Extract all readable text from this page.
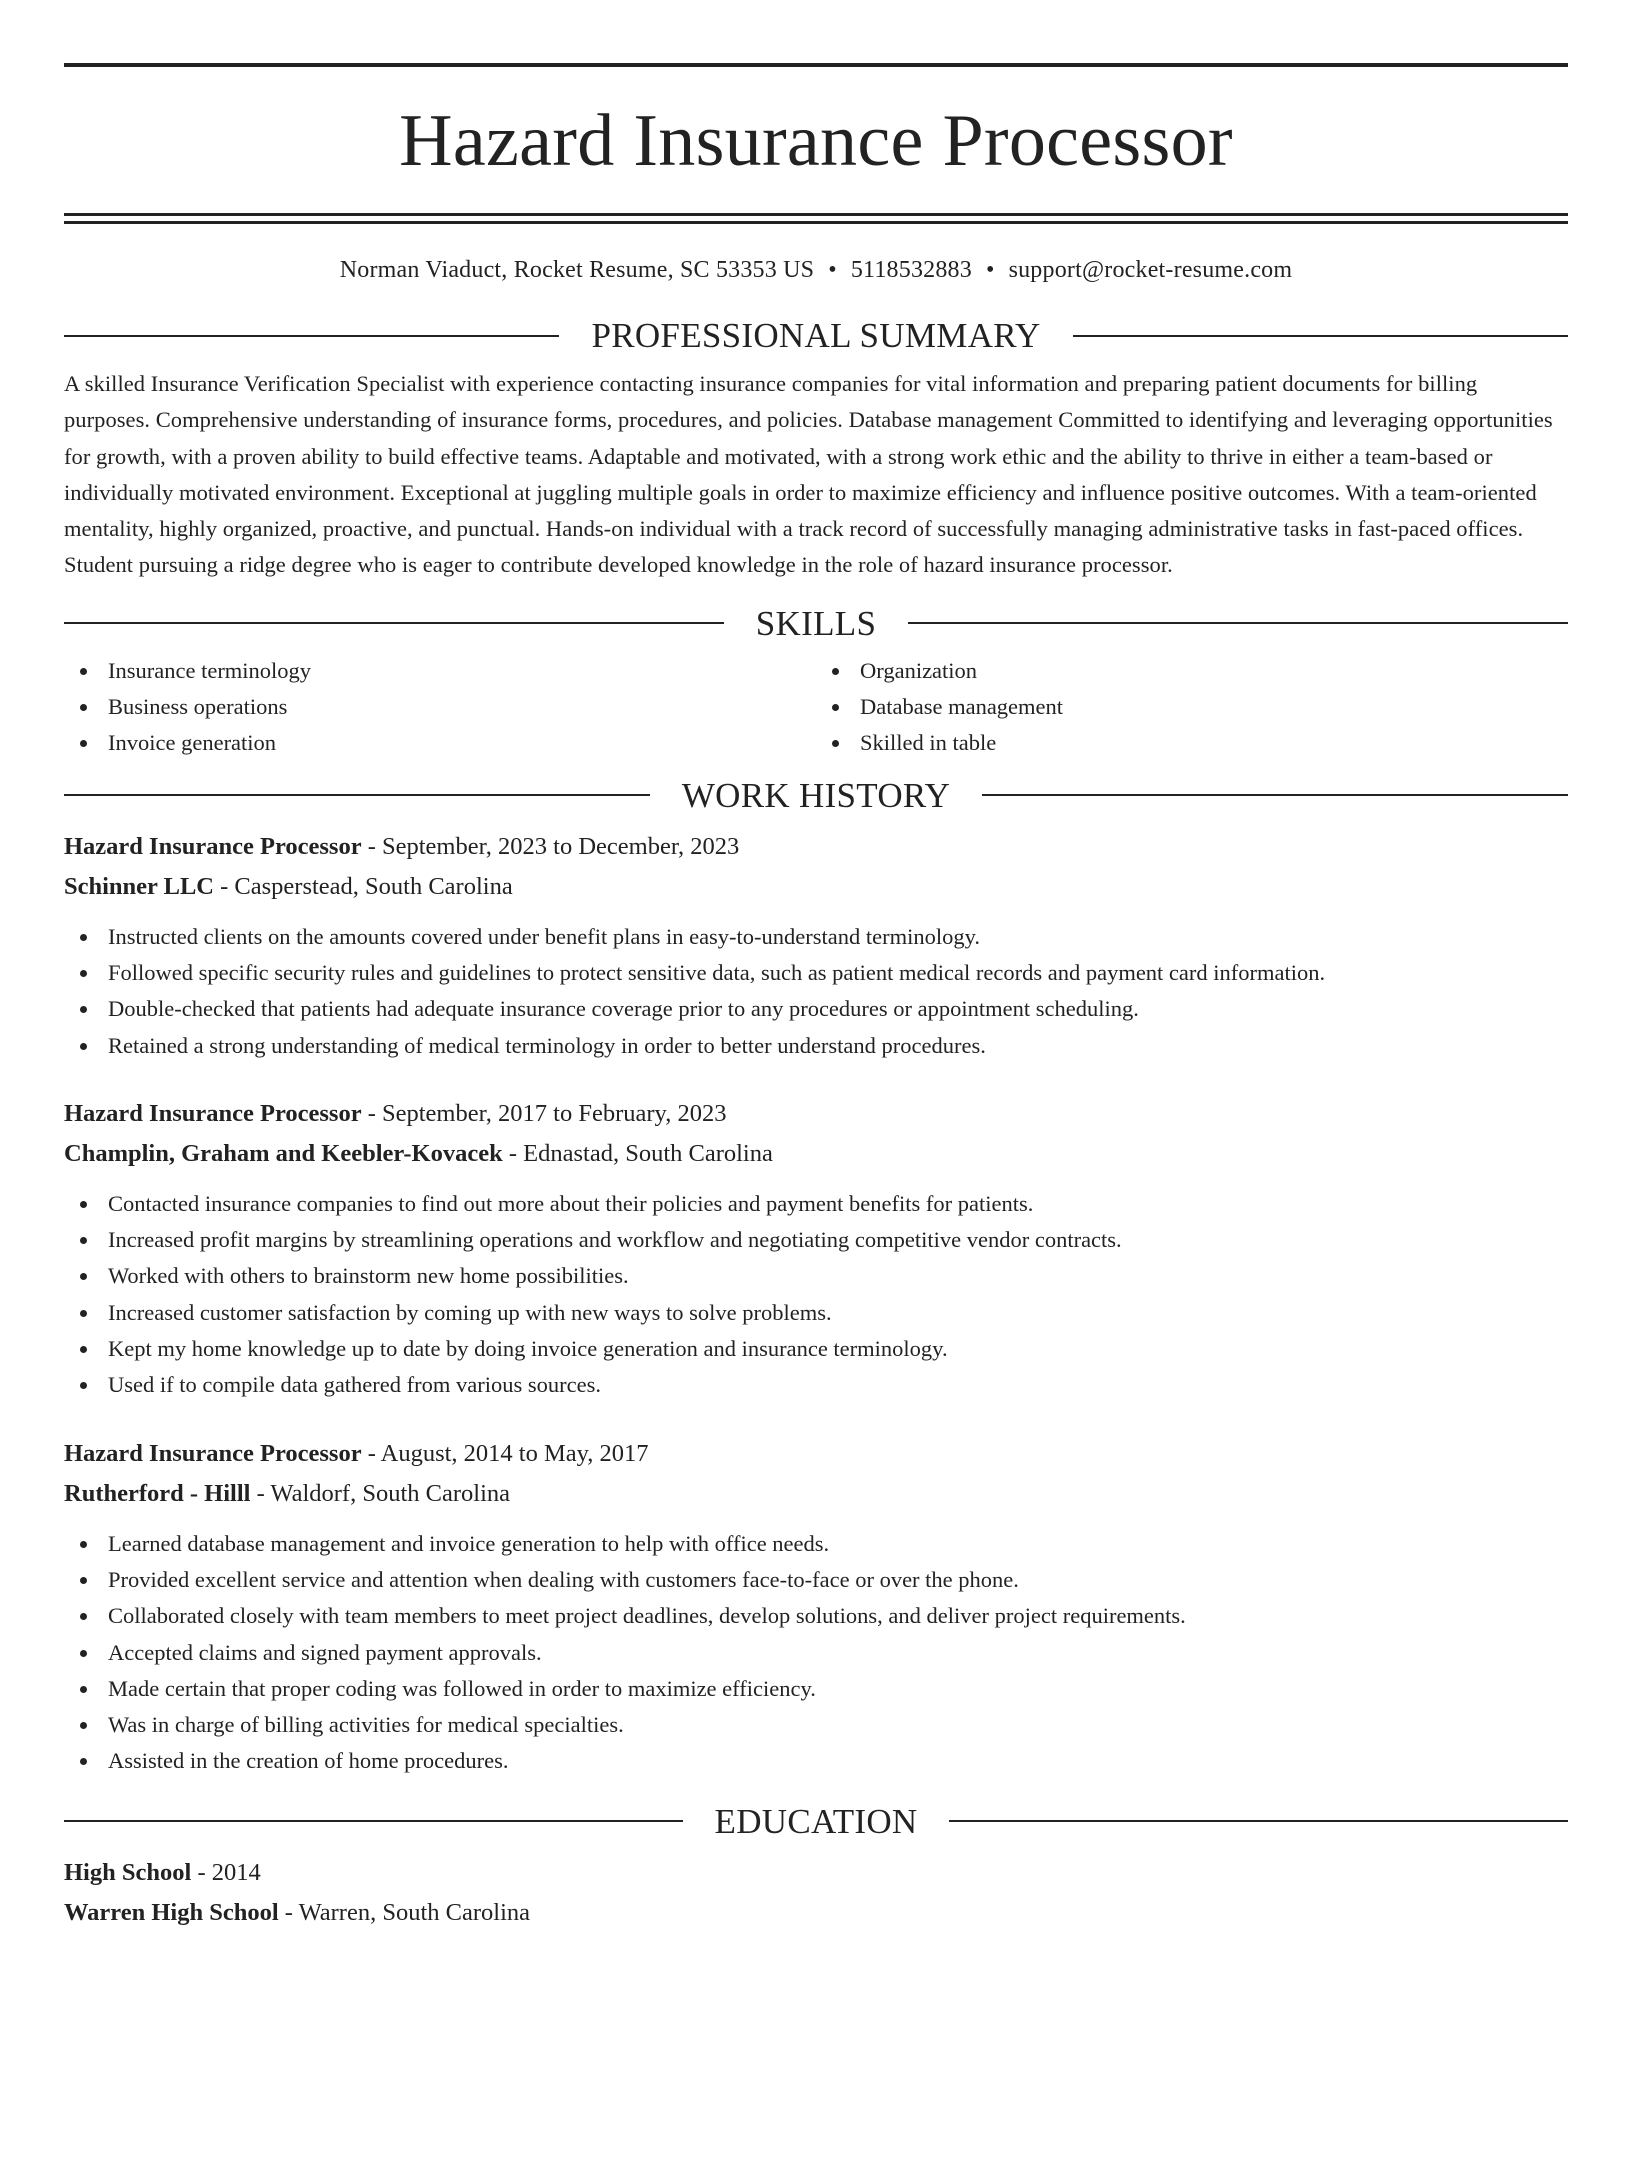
Hazard Insurance Processor
Norman Viaduct, Rocket Resume, SC 53353 US • 5118532883 • support@rocket-resume.com
PROFESSIONAL SUMMARY

A skilled Insurance Verification Specialist with experience contacting insurance companies for vital information and preparing patient documents for billing purposes. Comprehensive understanding of insurance forms, procedures, and policies. Database management Committed to identifying and leveraging opportunities for growth, with a proven ability to build effective teams. Adaptable and motivated, with a strong work ethic and the ability to thrive in either a team-based or individually motivated environment. Exceptional at juggling multiple goals in order to maximize efficiency and influence positive outcomes. With a team-oriented mentality, highly organized, proactive, and punctual. Hands-on individual with a track record of successfully managing administrative tasks in fast-paced offices. Student pursuing a ridge degree who is eager to contribute developed knowledge in the role of hazard insurance processor.

SKILLS
Insurance terminology
Business operations
Invoice generation
Organization
Database management
Skilled in table
WORK HISTORY
Hazard Insurance Processor - September, 2023 to December, 2023
Schinner LLC - Casperstead, South Carolina
Instructed clients on the amounts covered under benefit plans in easy-to-understand terminology.
Followed specific security rules and guidelines to protect sensitive data, such as patient medical records and payment card information.
Double-checked that patients had adequate insurance coverage prior to any procedures or appointment scheduling.
Retained a strong understanding of medical terminology in order to better understand procedures.
Hazard Insurance Processor - September, 2017 to February, 2023
Champlin, Graham and Keebler-Kovacek - Ednastad, South Carolina
Contacted insurance companies to find out more about their policies and payment benefits for patients.
Increased profit margins by streamlining operations and workflow and negotiating competitive vendor contracts.
Worked with others to brainstorm new home possibilities.
Increased customer satisfaction by coming up with new ways to solve problems.
Kept my home knowledge up to date by doing invoice generation and insurance terminology.
Used if to compile data gathered from various sources.
Hazard Insurance Processor - August, 2014 to May, 2017
Rutherford - Hilll - Waldorf, South Carolina
Learned database management and invoice generation to help with office needs.
Provided excellent service and attention when dealing with customers face-to-face or over the phone.
Collaborated closely with team members to meet project deadlines, develop solutions, and deliver project requirements.
Accepted claims and signed payment approvals.
Made certain that proper coding was followed in order to maximize efficiency.
Was in charge of billing activities for medical specialties.
Assisted in the creation of home procedures.
EDUCATION
High School - 2014
Warren High School - Warren, South Carolina
